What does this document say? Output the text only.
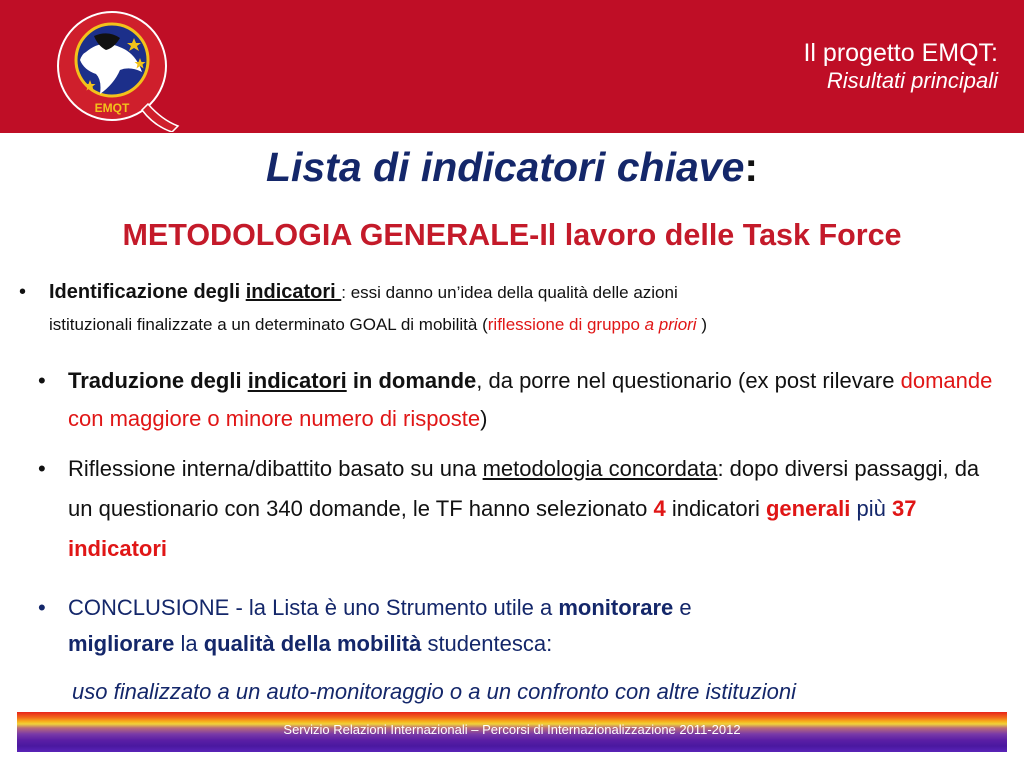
EMQT
Il progetto EMQT:
Risultati principali
Lista di indicatori chiave:
METODOLOGIA GENERALE-Il lavoro delle Task Force
• Identificazione degli indicatori : essi danno un’idea della qualità delle azioni
istituzionali finalizzate a un determinato GOAL di mobilità (riflessione di gruppo a priori )
• Traduzione degli indicatori in domande, da porre nel questionario (ex post rilevare domande con maggiore o minore numero di risposte)
• Riflessione interna/dibattito basato su una metodologia concordata: dopo diversi passaggi, da un questionario con 340 domande, le TF hanno selezionato 4 indicatori generali più 37 indicatori
• CONCLUSIONE - la Lista è uno Strumento utile a monitorare e
migliorare la qualità della mobilità studentesca:
uso finalizzato a un auto-monitoraggio o a un confronto con altre istituzioni
Servizio Relazioni Internazionali – Percorsi di Internazionalizzazione 2011-2012
